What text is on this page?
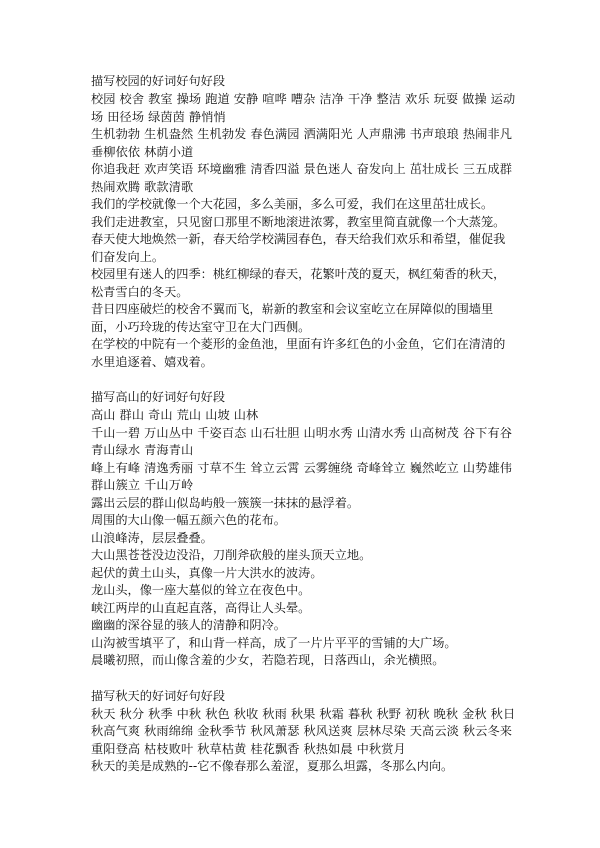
描写校园的好词好句好段

校园 校舍 教室 操场 跑道 安静 喧哗 嘈杂 洁净 干净 整洁 欢乐 玩耍 做操 运动场 田径场 绿茵茵 静悄悄

生机勃勃 生机盎然 生机勃发 春色满园 洒满阳光 人声鼎沸 书声琅琅 热闹非凡 垂柳依依 林荫小道

你追我赶 欢声笑语 环境幽雅 清香四溢 景色迷人 奋发向上 茁壮成长 三五成群 热闹欢腾 歌款清歌

我们的学校就像一个大花园，多么美丽，多么可爱，我们在这里茁壮成长。

我们走进教室，只见窗口那里不断地滚进浓雾，教室里简直就像一个大蒸笼。

春天使大地焕然一新，春天给学校满园春色，春天给我们欢乐和希望，催促我们奋发向上。

校园里有迷人的四季：桃红柳绿的春天，花繁叶茂的夏天，枫红菊香的秋天，松青雪白的冬天。

昔日四座破烂的校舍不翼而飞，崭新的教室和会议室屹立在屏障似的围墙里面，小巧玲珑的传达室守卫在大门西侧。

在学校的中院有一个菱形的金鱼池，里面有许多红色的小金鱼，它们在清清的水里追逐着、嬉戏着。

描写高山的好词好句好段

高山 群山 奇山 荒山 山坡 山林

千山一碧 万山丛中 千姿百态 山石壮胆 山明水秀 山清水秀 山高树茂 谷下有谷 青山绿水 青海青山

峰上有峰 清逸秀丽 寸草不生 耸立云霄 云雾缠绕 奇峰耸立 巍然屹立 山势雄伟 群山簇立 千山万岭

露出云层的群山似岛屿般一簇簇一抹抹的悬浮着。

周围的大山像一幅五颜六色的花布。

山浪峰涛，层层叠叠。

大山黑苍苍没边没沿，刀削斧砍般的崖头顶天立地。

起伏的黄土山头，真像一片大洪水的波涛。

龙山头，像一座大墓似的耸立在夜色中。

峡江两岸的山直起直落，高得让人头晕。

幽幽的深谷显的骇人的清静和阴冷。

山沟被雪填平了，和山背一样高，成了一片片平平的雪铺的大广场。

晨曦初照，而山像含羞的少女，若隐若现，日落西山，余光横照。

描写秋天的好词好句好段

秋天 秋分 秋季 中秋 秋色 秋收 秋雨 秋果 秋霜 暮秋 秋野 初秋 晚秋 金秋 秋日

秋高气爽 秋雨绵绵 金秋季节 秋风萧瑟 秋风送爽 层林尽染 天高云淡 秋云冬来

重阳登高 枯枝败叶 秋草枯黄 桂花飘香 秋热如晨 中秋赏月

秋天的美是成熟的--它不像春那么羞涩，夏那么坦露，冬那么内向。
